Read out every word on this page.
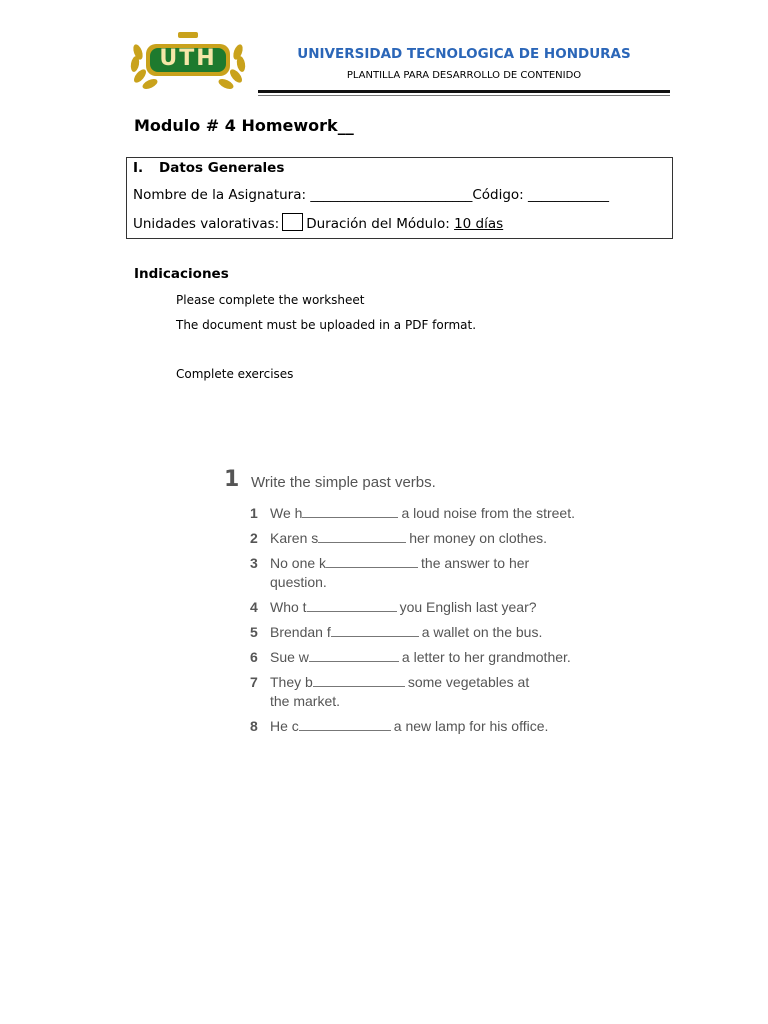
UTH	UNIVERSIDAD TECNOLOGICA DE HONDURAS
PLANTILLA PARA DESARROLLO DE CONTENIDO
Modulo # 4 Homework__
I. Datos Generales
Nombre de la Asignatura: ________________________Código: ____________
Unidades valorativas: Duración del Módulo: 10 días
Indicaciones
Please complete the worksheet
The document must be uploaded in a PDF format.
Complete exercises
1 Write the simple past verbs.
1 We h	a loud noise from the street.
2 Karen s	her money on clothes.
3 No one k	the answer to her
question.
4 Who t	you English last year?
5 Brendan f	a wallet on the bus.
6 Sue w	a letter to her grandmother.
7 They b	some vegetables at
the market.
8 He c	a new lamp for his office.
